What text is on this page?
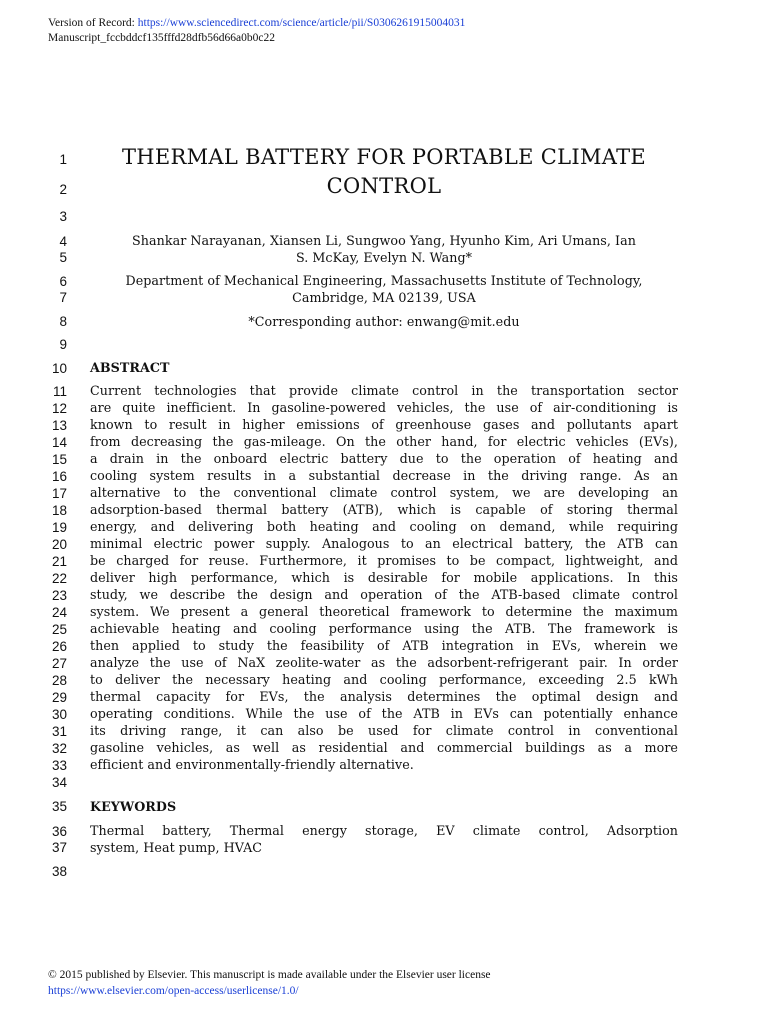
Version of Record: https://www.sciencedirect.com/science/article/pii/S0306261915004031
Manuscript_fccbddcf135fffd28dfb56d66a0b0c22
1
2
3
4
5
6
7
8
9
10
11
12
13
14
15
16
17
18
19
20
21
22
23
24
25
26
27
28
29
30
31
32
33
34
35
36
37
38
THERMAL BATTERY FOR PORTABLE CLIMATE
CONTROL
Shankar Narayanan, Xiansen Li, Sungwoo Yang, Hyunho Kim, Ari Umans, Ian
S. McKay, Evelyn N. Wang*
Department of Mechanical Engineering, Massachusetts Institute of Technology,
Cambridge, MA 02139, USA
*Corresponding author: enwang@mit.edu
ABSTRACT
Current technologies that provide climate control in the transportation sector
are quite inefficient. In gasoline-powered vehicles, the use of air-conditioning is
known to result in higher emissions of greenhouse gases and pollutants apart
from decreasing the gas-mileage. On the other hand, for electric vehicles (EVs),
a drain in the onboard electric battery due to the operation of heating and
cooling system results in a substantial decrease in the driving range. As an
alternative to the conventional climate control system, we are developing an
adsorption-based thermal battery (ATB), which is capable of storing thermal
energy, and delivering both heating and cooling on demand, while requiring
minimal electric power supply. Analogous to an electrical battery, the ATB can
be charged for reuse. Furthermore, it promises to be compact, lightweight, and
deliver high performance, which is desirable for mobile applications. In this
study, we describe the design and operation of the ATB-based climate control
system. We present a general theoretical framework to determine the maximum
achievable heating and cooling performance using the ATB. The framework is
then applied to study the feasibility of ATB integration in EVs, wherein we
analyze the use of NaX zeolite-water as the adsorbent-refrigerant pair. In order
to deliver the necessary heating and cooling performance, exceeding 2.5 kWh
thermal capacity for EVs, the analysis determines the optimal design and
operating conditions. While the use of the ATB in EVs can potentially enhance
its driving range, it can also be used for climate control in conventional
gasoline vehicles, as well as residential and commercial buildings as a more
efficient and environmentally-friendly alternative.
KEYWORDS
Thermal battery, Thermal energy storage, EV climate control, Adsorption
system, Heat pump, HVAC
© 2015 published by Elsevier. This manuscript is made available under the Elsevier user license
https://www.elsevier.com/open-access/userlicense/1.0/
